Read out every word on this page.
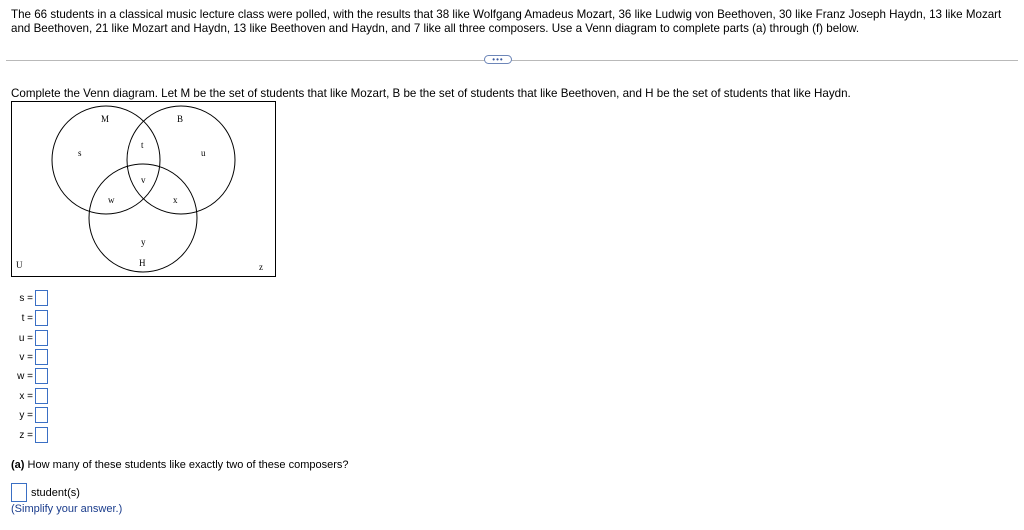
The 66 students in a classical music lecture class were polled, with the results that 38 like Wolfgang Amadeus Mozart, 36 like Ludwig von Beethoven, 30 like Franz Joseph Haydn, 13 like Mozart and Beethoven, 21 like Mozart and Haydn, 13 like Beethoven and Haydn, and 7 like all three composers. Use a Venn diagram to complete parts (a) through (f) below.
•••
Complete the Venn diagram. Let M be the set of students that like Mozart, B be the set of students that like Beethoven, and H be the set of students that like Haydn.
M	B
H
U
s
t
u
v
w	x
y
z
s =
t =
u =
v =
w =
x =
y =
z =
(a) How many of these students like exactly two of these composers?
student(s)
(Simplify your answer.)
